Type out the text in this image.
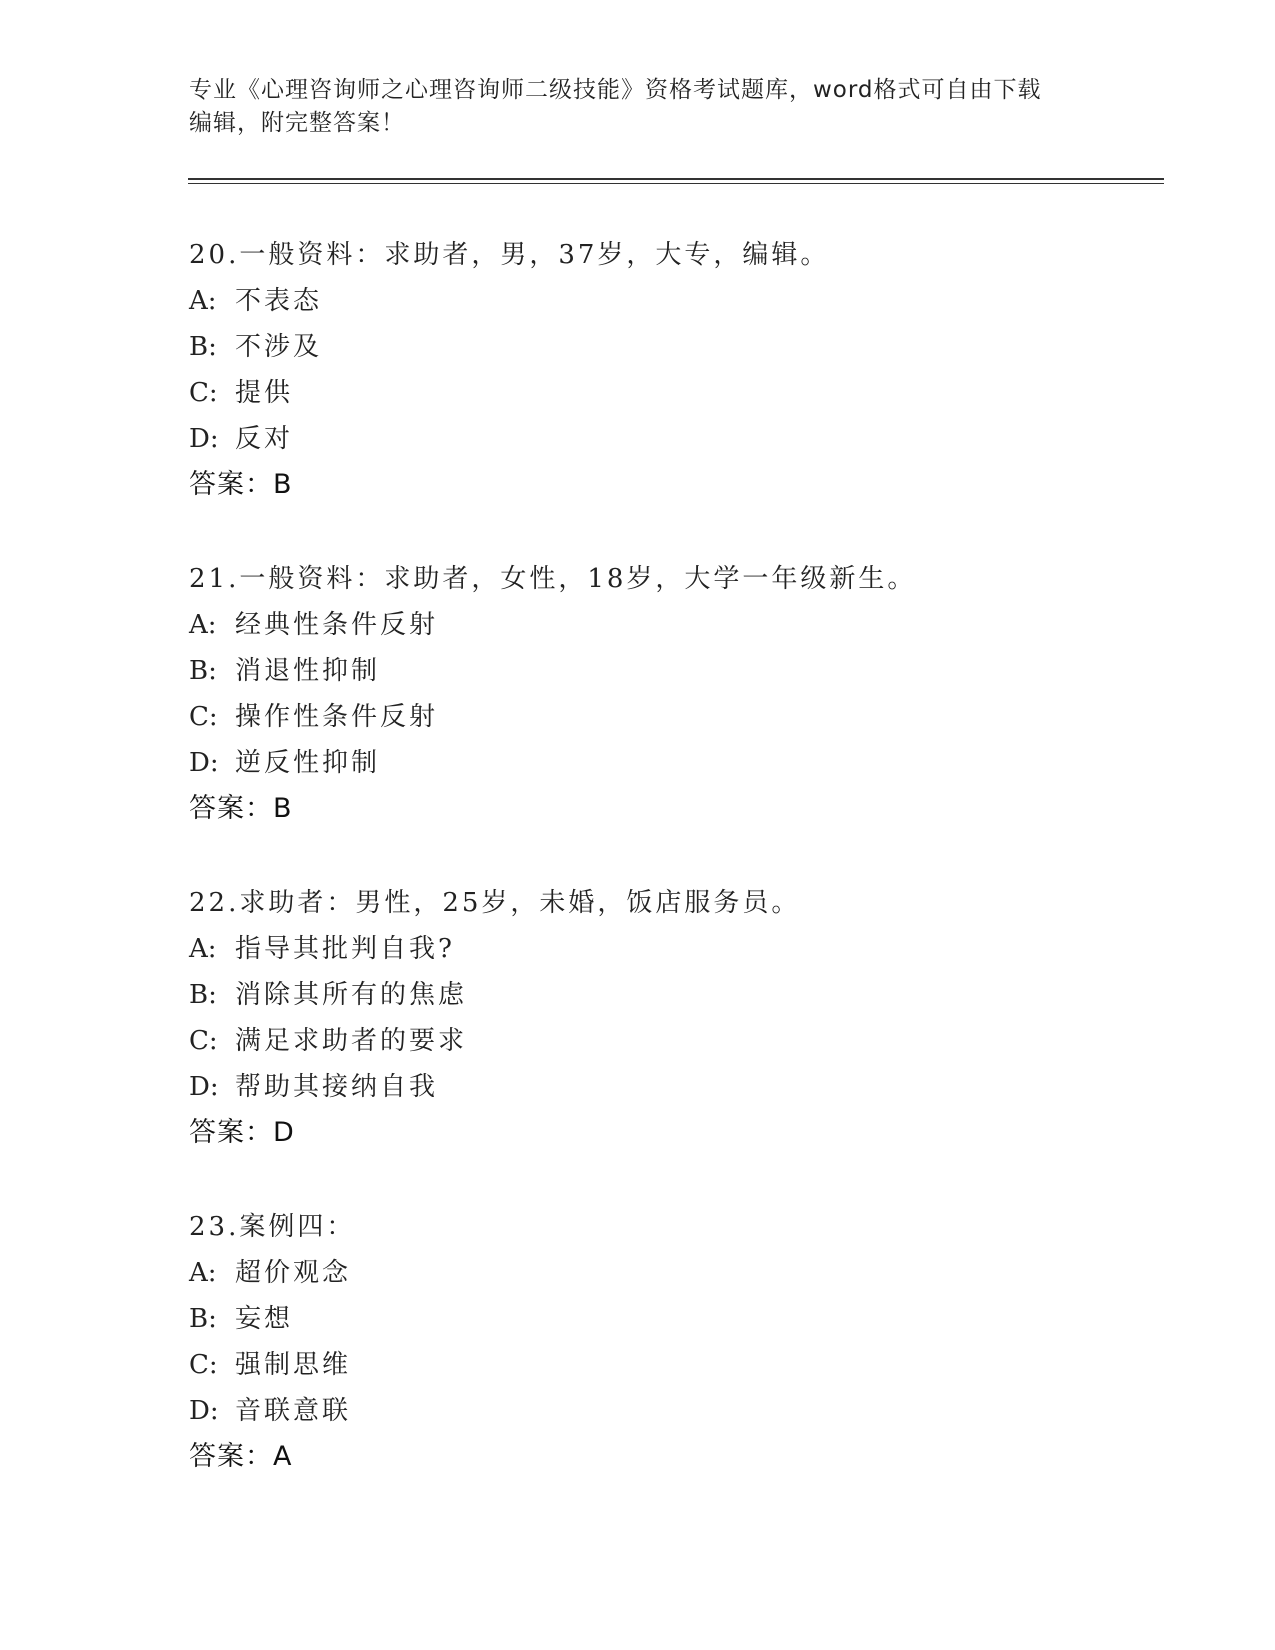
专业《心理咨询师之心理咨询师二级技能》资格考试题库，word格式可自由下载
编辑，附完整答案！
20.一般资料：求助者，男，37岁，大专，编辑。
A: 不表态
B: 不涉及
C: 提供
D: 反对
答案：B
21.一般资料：求助者，女性，18岁，大学一年级新生。
A: 经典性条件反射
B: 消退性抑制
C: 操作性条件反射
D: 逆反性抑制
答案：B
22.求助者：男性，25岁，未婚，饭店服务员。
A: 指导其批判自我?
B: 消除其所有的焦虑
C: 满足求助者的要求
D: 帮助其接纳自我
答案：D
23.案例四：
A: 超价观念
B: 妄想
C: 强制思维
D: 音联意联
答案：A
